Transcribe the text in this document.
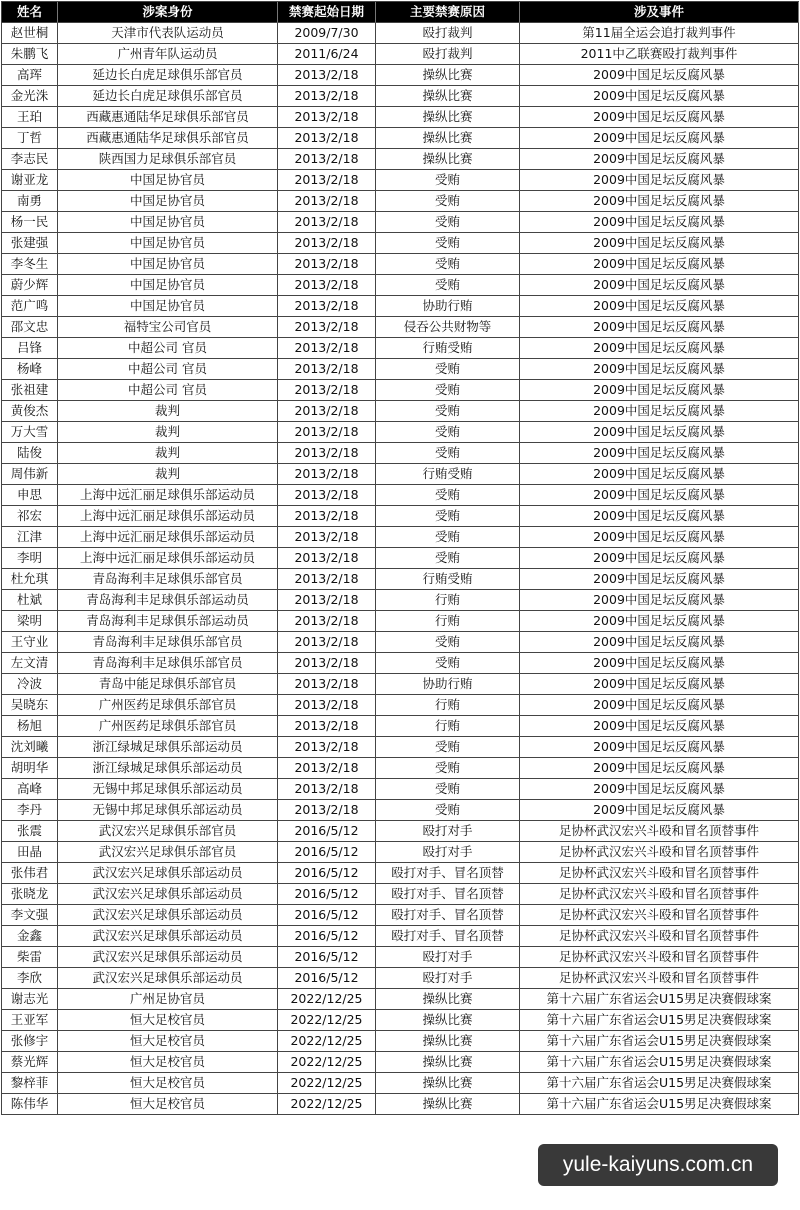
姓名	涉案身份	禁赛起始日期	主要禁赛原因	涉及事件
赵世桐	天津市代表队运动员	2009/7/30	殴打裁判	第11届全运会追打裁判事件
朱鹏飞	广州青年队运动员	2011/6/24	殴打裁判	2011中乙联赛殴打裁判事件
高珲	延边长白虎足球俱乐部官员	2013/2/18	操纵比赛	2009中国足坛反腐风暴
金光洙	延边长白虎足球俱乐部官员	2013/2/18	操纵比赛	2009中国足坛反腐风暴
王珀	西藏惠通陆华足球俱乐部官员	2013/2/18	操纵比赛	2009中国足坛反腐风暴
丁哲	西藏惠通陆华足球俱乐部官员	2013/2/18	操纵比赛	2009中国足坛反腐风暴
李志民	陕西国力足球俱乐部官员	2013/2/18	操纵比赛	2009中国足坛反腐风暴
谢亚龙	中国足协官员	2013/2/18	受贿	2009中国足坛反腐风暴
南勇	中国足协官员	2013/2/18	受贿	2009中国足坛反腐风暴
杨一民	中国足协官员	2013/2/18	受贿	2009中国足坛反腐风暴
张建强	中国足协官员	2013/2/18	受贿	2009中国足坛反腐风暴
李冬生	中国足协官员	2013/2/18	受贿	2009中国足坛反腐风暴
蔚少辉	中国足协官员	2013/2/18	受贿	2009中国足坛反腐风暴
范广鸣	中国足协官员	2013/2/18	协助行贿	2009中国足坛反腐风暴
邵文忠	福特宝公司官员	2013/2/18	侵吞公共财物等	2009中国足坛反腐风暴
吕锋	中超公司 官员	2013/2/18	行贿受贿	2009中国足坛反腐风暴
杨峰	中超公司 官员	2013/2/18	受贿	2009中国足坛反腐风暴
张祖建	中超公司 官员	2013/2/18	受贿	2009中国足坛反腐风暴
黄俊杰	裁判	2013/2/18	受贿	2009中国足坛反腐风暴
万大雪	裁判	2013/2/18	受贿	2009中国足坛反腐风暴
陆俊	裁判	2013/2/18	受贿	2009中国足坛反腐风暴
周伟新	裁判	2013/2/18	行贿受贿	2009中国足坛反腐风暴
申思	上海中远汇丽足球俱乐部运动员	2013/2/18	受贿	2009中国足坛反腐风暴
祁宏	上海中远汇丽足球俱乐部运动员	2013/2/18	受贿	2009中国足坛反腐风暴
江津	上海中远汇丽足球俱乐部运动员	2013/2/18	受贿	2009中国足坛反腐风暴
李明	上海中远汇丽足球俱乐部运动员	2013/2/18	受贿	2009中国足坛反腐风暴
杜允琪	青岛海利丰足球俱乐部官员	2013/2/18	行贿受贿	2009中国足坛反腐风暴
杜斌	青岛海利丰足球俱乐部运动员	2013/2/18	行贿	2009中国足坛反腐风暴
梁明	青岛海利丰足球俱乐部运动员	2013/2/18	行贿	2009中国足坛反腐风暴
王守业	青岛海利丰足球俱乐部官员	2013/2/18	受贿	2009中国足坛反腐风暴
左文清	青岛海利丰足球俱乐部官员	2013/2/18	受贿	2009中国足坛反腐风暴
冷波	青岛中能足球俱乐部官员	2013/2/18	协助行贿	2009中国足坛反腐风暴
吴晓东	广州医药足球俱乐部官员	2013/2/18	行贿	2009中国足坛反腐风暴
杨旭	广州医药足球俱乐部官员	2013/2/18	行贿	2009中国足坛反腐风暴
沈刘曦	浙江绿城足球俱乐部运动员	2013/2/18	受贿	2009中国足坛反腐风暴
胡明华	浙江绿城足球俱乐部运动员	2013/2/18	受贿	2009中国足坛反腐风暴
高峰	无锡中邦足球俱乐部运动员	2013/2/18	受贿	2009中国足坛反腐风暴
李丹	无锡中邦足球俱乐部运动员	2013/2/18	受贿	2009中国足坛反腐风暴
张震	武汉宏兴足球俱乐部官员	2016/5/12	殴打对手	足协杯武汉宏兴斗殴和冒名顶替事件
田晶	武汉宏兴足球俱乐部官员	2016/5/12	殴打对手	足协杯武汉宏兴斗殴和冒名顶替事件
张伟君	武汉宏兴足球俱乐部运动员	2016/5/12	殴打对手、冒名顶替	足协杯武汉宏兴斗殴和冒名顶替事件
张晓龙	武汉宏兴足球俱乐部运动员	2016/5/12	殴打对手、冒名顶替	足协杯武汉宏兴斗殴和冒名顶替事件
李文强	武汉宏兴足球俱乐部运动员	2016/5/12	殴打对手、冒名顶替	足协杯武汉宏兴斗殴和冒名顶替事件
金鑫	武汉宏兴足球俱乐部运动员	2016/5/12	殴打对手、冒名顶替	足协杯武汉宏兴斗殴和冒名顶替事件
柴雷	武汉宏兴足球俱乐部运动员	2016/5/12	殴打对手	足协杯武汉宏兴斗殴和冒名顶替事件
李欣	武汉宏兴足球俱乐部运动员	2016/5/12	殴打对手	足协杯武汉宏兴斗殴和冒名顶替事件
谢志光	广州足协官员	2022/12/25	操纵比赛	第十六届广东省运会U15男足决赛假球案
王亚军	恒大足校官员	2022/12/25	操纵比赛	第十六届广东省运会U15男足决赛假球案
张修宇	恒大足校官员	2022/12/25	操纵比赛	第十六届广东省运会U15男足决赛假球案
蔡光辉	恒大足校官员	2022/12/25	操纵比赛	第十六届广东省运会U15男足决赛假球案
黎梓菲	恒大足校官员	2022/12/25	操纵比赛	第十六届广东省运会U15男足决赛假球案
陈伟华	恒大足校官员	2022/12/25	操纵比赛	第十六届广东省运会U15男足决赛假球案
yule-kaiyuns.com.cn
